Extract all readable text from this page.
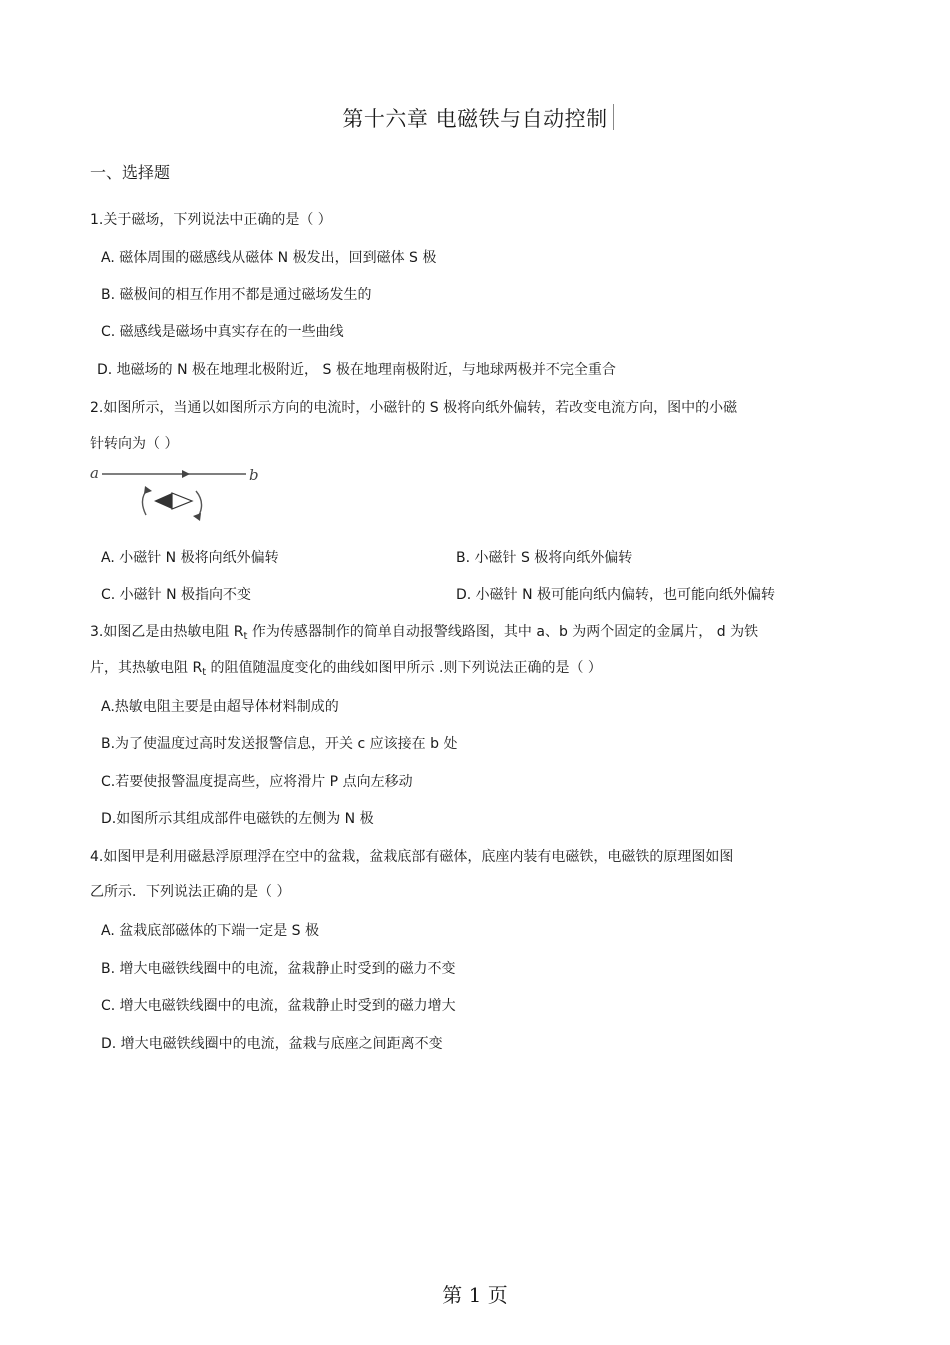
第十六章 电磁铁与自动控制
一、选择题
1.关于磁场，下列说法中正确的是（ ）
A. 磁体周围的磁感线从磁体 N 极发出，回到磁体 S 极
B. 磁极间的相互作用不都是通过磁场发生的
C. 磁感线是磁场中真实存在的一些曲线
D. 地磁场的 N 极在地理北极附近， S 极在地理南极附近，与地球两极并不完全重合
2.如图所示，当通以如图所示方向的电流时，小磁针的 S 极将向纸外偏转，若改变电流方向，图中的小磁
针转向为（ ）
a	b
A. 小磁针 N 极将向纸外偏转	B. 小磁针 S 极将向纸外偏转
C. 小磁针 N 极指向不变	D. 小磁针 N 极可能向纸内偏转，也可能向纸外偏转
3.如图乙是由热敏电阻 $R_t$ 作为传感器制作的简单自动报警线路图，其中 a、b 为两个固定的金属片， d 为铁
片，其热敏电阻 $R_t$ 的阻值随温度变化的曲线如图甲所示 .则下列说法正确的是（ ）
A.热敏电阻主要是由超导体材料制成的
B.为了使温度过高时发送报警信息，开关 c 应该接在 b 处
C.若要使报警温度提高些，应将滑片 P 点向左移动
D.如图所示其组成部件电磁铁的左侧为 N 极
4.如图甲是利用磁悬浮原理浮在空中的盆栽，盆栽底部有磁体，底座内装有电磁铁，电磁铁的原理图如图
乙所示．下列说法正确的是（ ）
A. 盆栽底部磁体的下端一定是 S 极
B. 增大电磁铁线圈中的电流，盆栽静止时受到的磁力不变
C. 增大电磁铁线圈中的电流，盆栽静止时受到的磁力增大
D. 增大电磁铁线圈中的电流，盆栽与底座之间距离不变
第 1 页
